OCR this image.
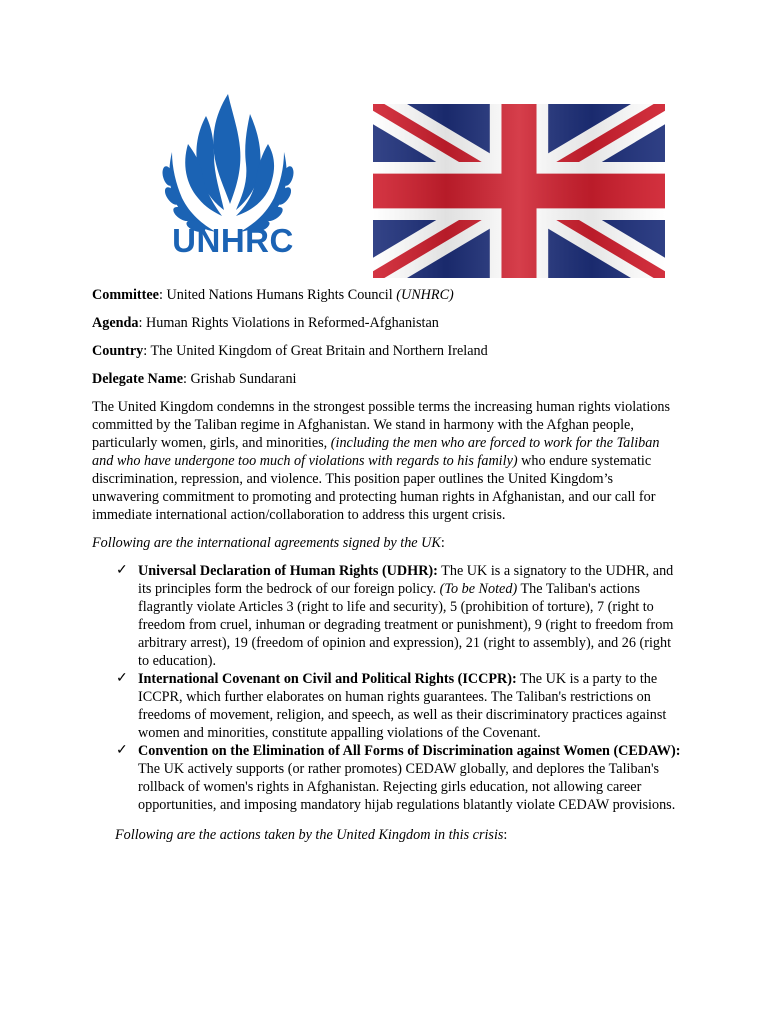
UNHRC

Committee: United Nations Humans Rights Council (UNHRC)

Agenda: Human Rights Violations in Reformed-Afghanistan

Country: The United Kingdom of Great Britain and Northern Ireland

Delegate Name: Grishab Sundarani

The United Kingdom condemns in the strongest possible terms the increasing human rights violations committed by the Taliban regime in Afghanistan. We stand in harmony with the Afghan people, particularly women, girls, and minorities, (including the men who are forced to work for the Taliban and who have undergone too much of violations with regards to his family) who endure systematic discrimination, repression, and violence. This position paper outlines the United Kingdom’s unwavering commitment to promoting and protecting human rights in Afghanistan, and our call for immediate international action/collaboration to address this urgent crisis.

Following are the international agreements signed by the UK:

✓ Universal Declaration of Human Rights (UDHR): The UK is a signatory to the UDHR, and its principles form the bedrock of our foreign policy. (To be Noted) The Taliban's actions flagrantly violate Articles 3 (right to life and security), 5 (prohibition of torture), 7 (right to freedom from cruel, inhuman or degrading treatment or punishment), 9 (right to freedom from arbitrary arrest), 19 (freedom of opinion and expression), 21 (right to assembly), and 26 (right to education).
✓ International Covenant on Civil and Political Rights (ICCPR): The UK is a party to the ICCPR, which further elaborates on human rights guarantees. The Taliban's restrictions on freedoms of movement, religion, and speech, as well as their discriminatory practices against women and minorities, constitute appalling violations of the Covenant.
✓ Convention on the Elimination of All Forms of Discrimination against Women (CEDAW): The UK actively supports (or rather promotes) CEDAW globally, and deplores the Taliban's rollback of women's rights in Afghanistan. Rejecting girls education, not allowing career opportunities, and imposing mandatory hijab regulations blatantly violate CEDAW provisions.

Following are the actions taken by the United Kingdom in this crisis:
